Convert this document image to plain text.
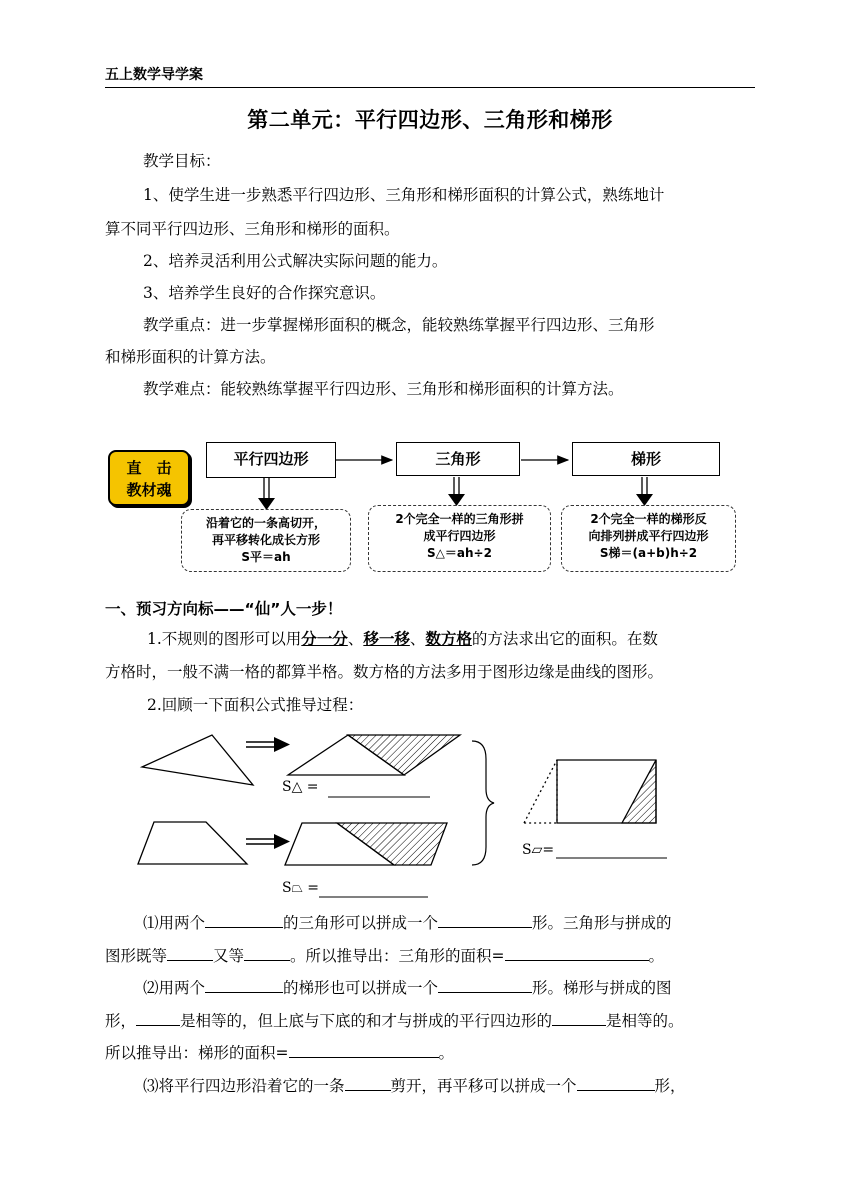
五上数学导学案
第二单元：平行四边形、三角形和梯形
教学目标：
1、使学生进一步熟悉平行四边形、三角形和梯形面积的计算公式，熟练地计
算不同平行四边形、三角形和梯形的面积。
2、培养灵活利用公式解决实际问题的能力。
3、培养学生良好的合作探究意识。
教学重点：进一步掌握梯形面积的概念，能较熟练掌握平行四边形、三角形
和梯形面积的计算方法。
教学难点：能较熟练掌握平行四边形、三角形和梯形面积的计算方法。
直　击
教材魂
平行四边形	三角形	梯形
沿着它的一条高切开，
再平移转化成长方形
S平＝ah
2个完全一样的三角形拼
成平行四边形
S△＝ah÷2
2个完全一样的梯形反
向排列拼成平行四边形
S梯＝(a+b)h÷2
一、预习方向标——“仙”人一步！
1.不规则的图形可以用分一分、移一移、数方格的方法求出它的面积。在数
方格时，一般不满一格的都算半格。数方格的方法多用于图形边缘是曲线的图形。
2.回顾一下面积公式推导过程：
S△ =
S⏢ =
S▱=
⑴用两个	的三角形可以拼成一个	形。三角形与拼成的
图形既等	又等	。所以推导出：三角形的面积=	。
⑵用两个	的梯形也可以拼成一个	形。梯形与拼成的图
形，	是相等的，但上底与下底的和才与拼成的平行四边形的	是相等的。
所以推导出：梯形的面积=	。
⑶将平行四边形沿着它的一条	剪开，再平移可以拼成一个	形，
